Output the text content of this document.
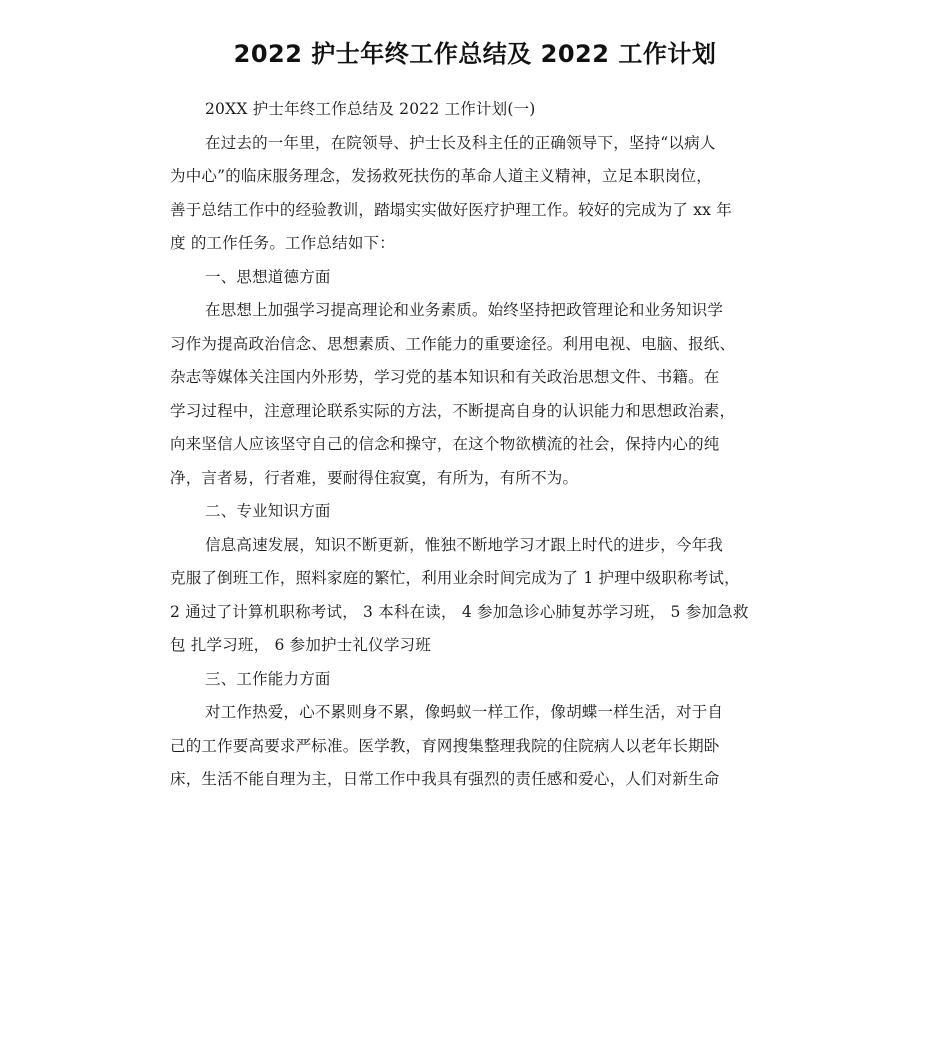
2022 护士年终工作总结及 2022 工作计划
20XX 护士年终工作总结及 2022 工作计划(一)
在过去的一年里，在院领导、护士长及科主任的正确领导下，坚持“以病人
为中心”的临床服务理念，发扬救死扶伤的革命人道主义精神，立足本职岗位，
善于总结工作中的经验教训，踏塌实实做好医疗护理工作。较好的完成为了 xx 年
度 的工作任务。工作总结如下：
一、思想道德方面
在思想上加强学习提高理论和业务素质。始终坚持把政管理论和业务知识学
习作为提高政治信念、思想素质、工作能力的重要途径。利用电视、电脑、报纸、
杂志等媒体关注国内外形势，学习党的基本知识和有关政治思想文件、书籍。在
学习过程中，注意理论联系实际的方法，不断提高自身的认识能力和思想政治素，
向来坚信人应该坚守自己的信念和操守，在这个物欲横流的社会，保持内心的纯
净，言者易，行者难，要耐得住寂寞，有所为，有所不为。
二、专业知识方面
信息高速发展，知识不断更新，惟独不断地学习才跟上时代的进步，今年我
克服了倒班工作，照料家庭的繁忙，利用业余时间完成为了 1 护理中级职称考试，
2 通过了计算机职称考试， 3 本科在读， 4 参加急诊心肺复苏学习班， 5 参加急救
包 扎学习班， 6 参加护士礼仪学习班
三、工作能力方面
对工作热爱，心不累则身不累，像蚂蚁一样工作，像胡蝶一样生活，对于自
己的工作要高要求严标准。医学教，育网搜集整理我院的住院病人以老年长期卧
床，生活不能自理为主，日常工作中我具有强烈的责任感和爱心，人们对新生命
